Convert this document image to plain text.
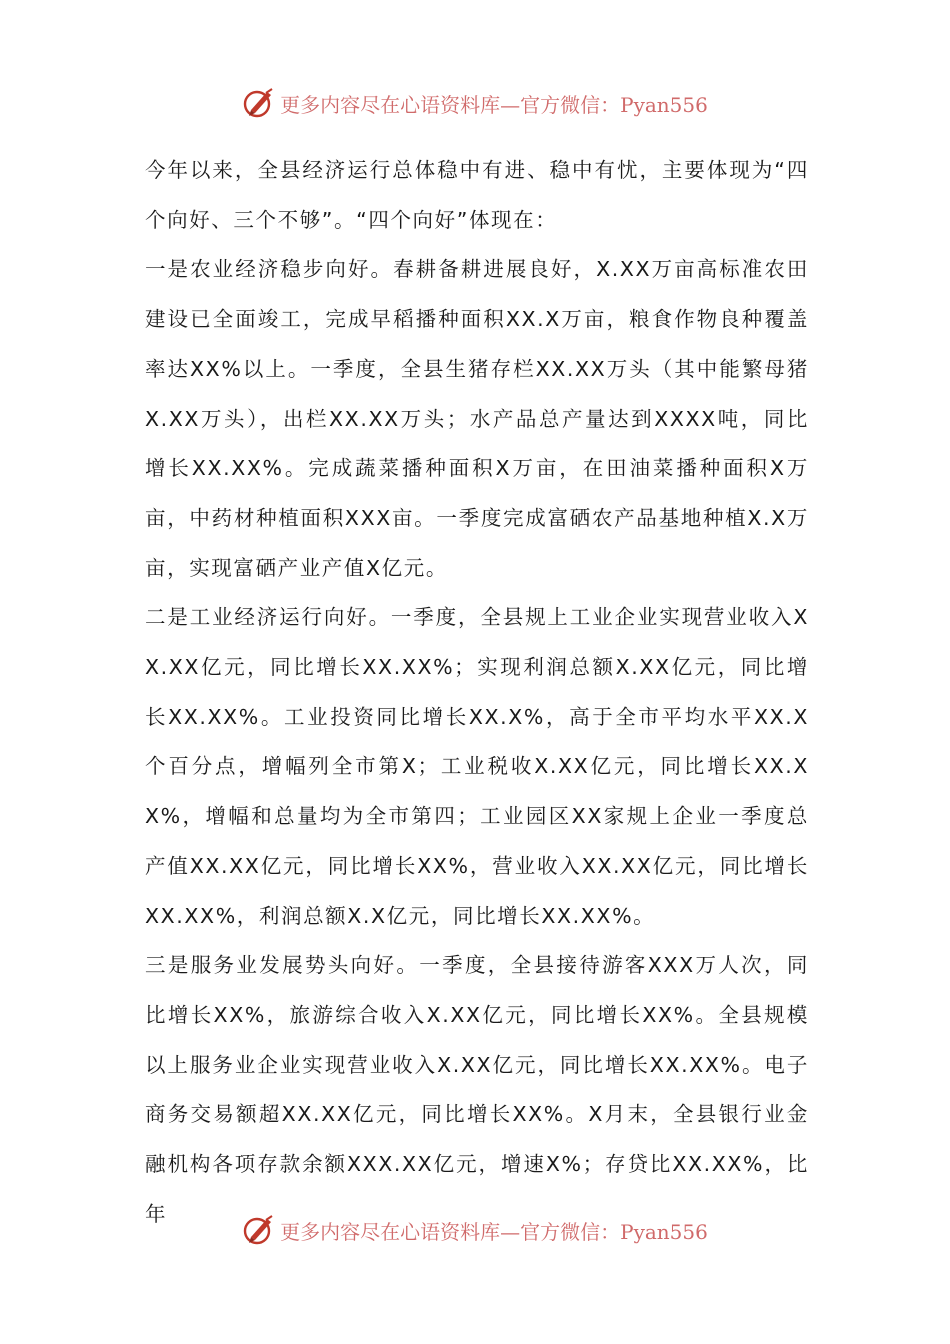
更多内容尽在心语资料库—官方微信：Pyan556

今年以来，全县经济运行总体稳中有进、稳中有忧，主要体现为“四个向好、三个不够”。“四个向好”体现在：

一是农业经济稳步向好。春耕备耕进展良好，X.XX万亩高标准农田建设已全面竣工，完成早稻播种面积XX.X万亩，粮食作物良种覆盖率达XX%以上。一季度，全县生猪存栏XX.XX万头（其中能繁母猪X.XX万头），出栏XX.XX万头；水产品总产量达到XXXX吨，同比增长XX.XX%。完成蔬菜播种面积X万亩，在田油菜播种面积X万亩，中药材种植面积XXX亩。一季度完成富硒农产品基地种植X.X万亩，实现富硒产业产值X亿元。

二是工业经济运行向好。一季度，全县规上工业企业实现营业收入XX.XX亿元，同比增长XX.XX%；实现利润总额X.XX亿元，同比增长XX.XX%。工业投资同比增长XX.X%，高于全市平均水平XX.X个百分点，增幅列全市第X；工业税收X.XX亿元，同比增长XX.XX%，增幅和总量均为全市第四；工业园区XX家规上企业一季度总产值XX.XX亿元，同比增长XX%，营业收入XX.XX亿元，同比增长XX.XX%，利润总额X.X亿元，同比增长XX.XX%。

三是服务业发展势头向好。一季度，全县接待游客XXX万人次，同比增长XX%，旅游综合收入X.XX亿元，同比增长XX%。全县规模以上服务业企业实现营业收入X.XX亿元，同比增长XX.XX%。电子商务交易额超XX.XX亿元，同比增长XX%。X月末，全县银行业金融机构各项存款余额XXX.XX亿元，增速X%；存贷比XX.XX%，比年

更多内容尽在心语资料库—官方微信：Pyan556
